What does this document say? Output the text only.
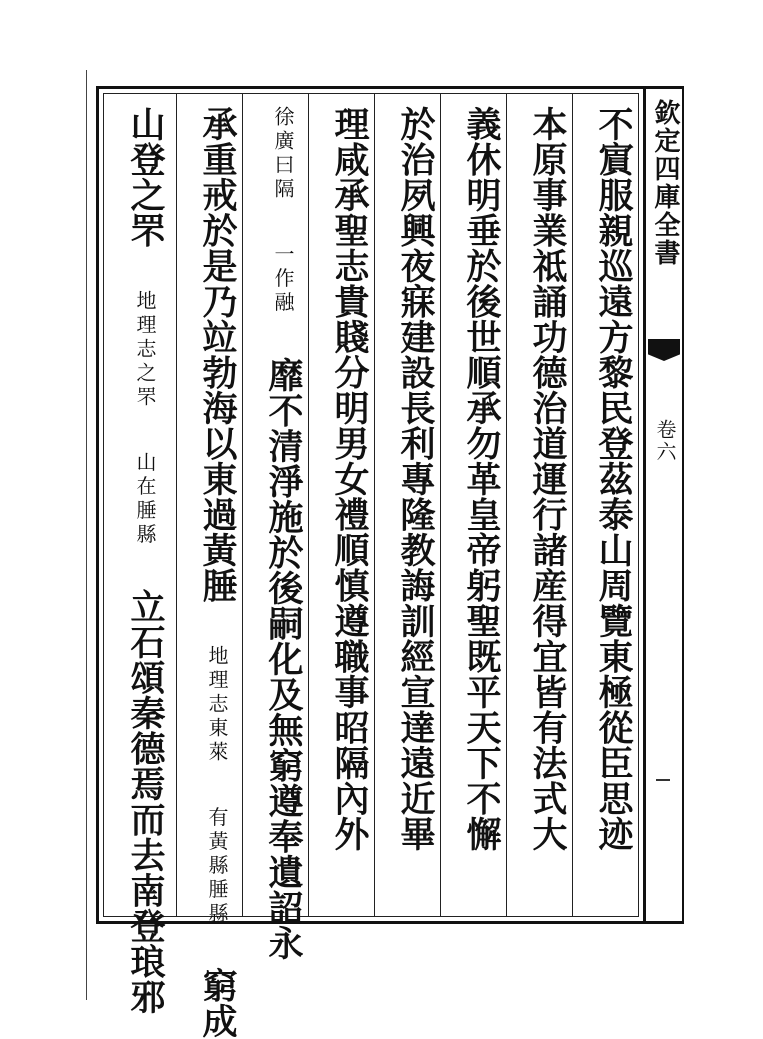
不賔服親巡遠方黎民登茲泰山周覽東極從臣思迹
本原事業祗誦功德治道運行諸産得宜皆有法式大
義休明垂於後世順承勿革皇帝躬聖既平天下不懈
於治夙興夜寐建設長利專隆教誨訓經宣達遠近畢
理咸承聖志貴賤分明男女禮順慎遵職事昭隔內外
徐廣曰隔 一作融 靡不清淨施於後嗣化及無窮遵奉遺詔永
承重戒於是乃竝勃海以東過黃腄 地理志東萊 有黃縣腄縣 窮成
山登之罘 地理志之罘 山在腄縣 立石頌秦德焉而去南登琅邪
欽定四庫全書
卷六
